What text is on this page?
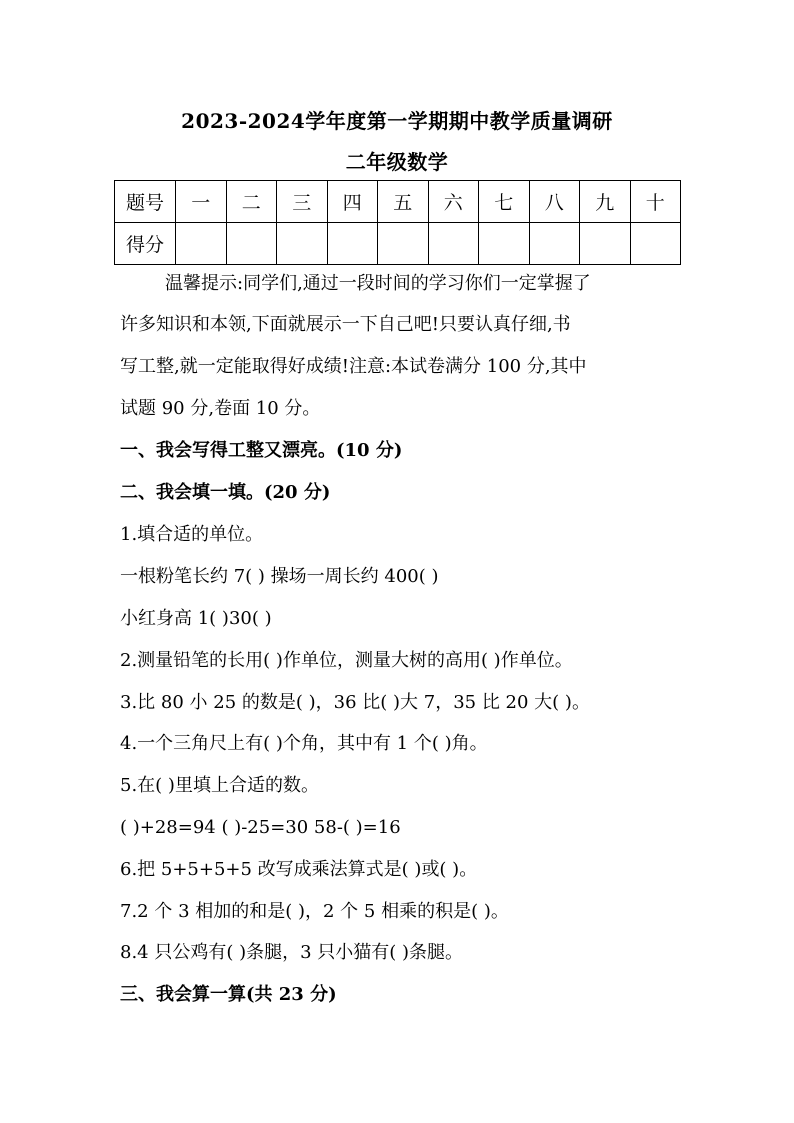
2023-2024学年度第一学期期中教学质量调研
二年级数学
题号	一	二	三	四	五	六	七	八	九	十
得分										
温馨提示:同学们,通过一段时间的学习你们一定掌握了
许多知识和本领,下面就展示一下自己吧!只要认真仔细,书
写工整,就一定能取得好成绩!注意:本试卷满分 100 分,其中
试题 90 分,卷面 10 分。
一、我会写得工整又漂亮。(10 分)
二、我会填一填。(20 分)
1.填合适的单位。
一根粉笔长约 7( ) 操场一周长约 400( )
小红身高 1( )30( )
2.测量铅笔的长用( )作单位，测量大树的高用( )作单位。
3.比 80 小 25 的数是( )，36 比( )大 7，35 比 20 大( )。
4.一个三角尺上有( )个角，其中有 1 个( )角。
5.在( )里填上合适的数。
( )+28=94 ( )-25=30 58-( )=16
6.把 5+5+5+5 改写成乘法算式是( )或( )。
7.2 个 3 相加的和是( )，2 个 5 相乘的积是( )。
8.4 只公鸡有( )条腿，3 只小猫有( )条腿。
三、我会算一算(共 23 分)
